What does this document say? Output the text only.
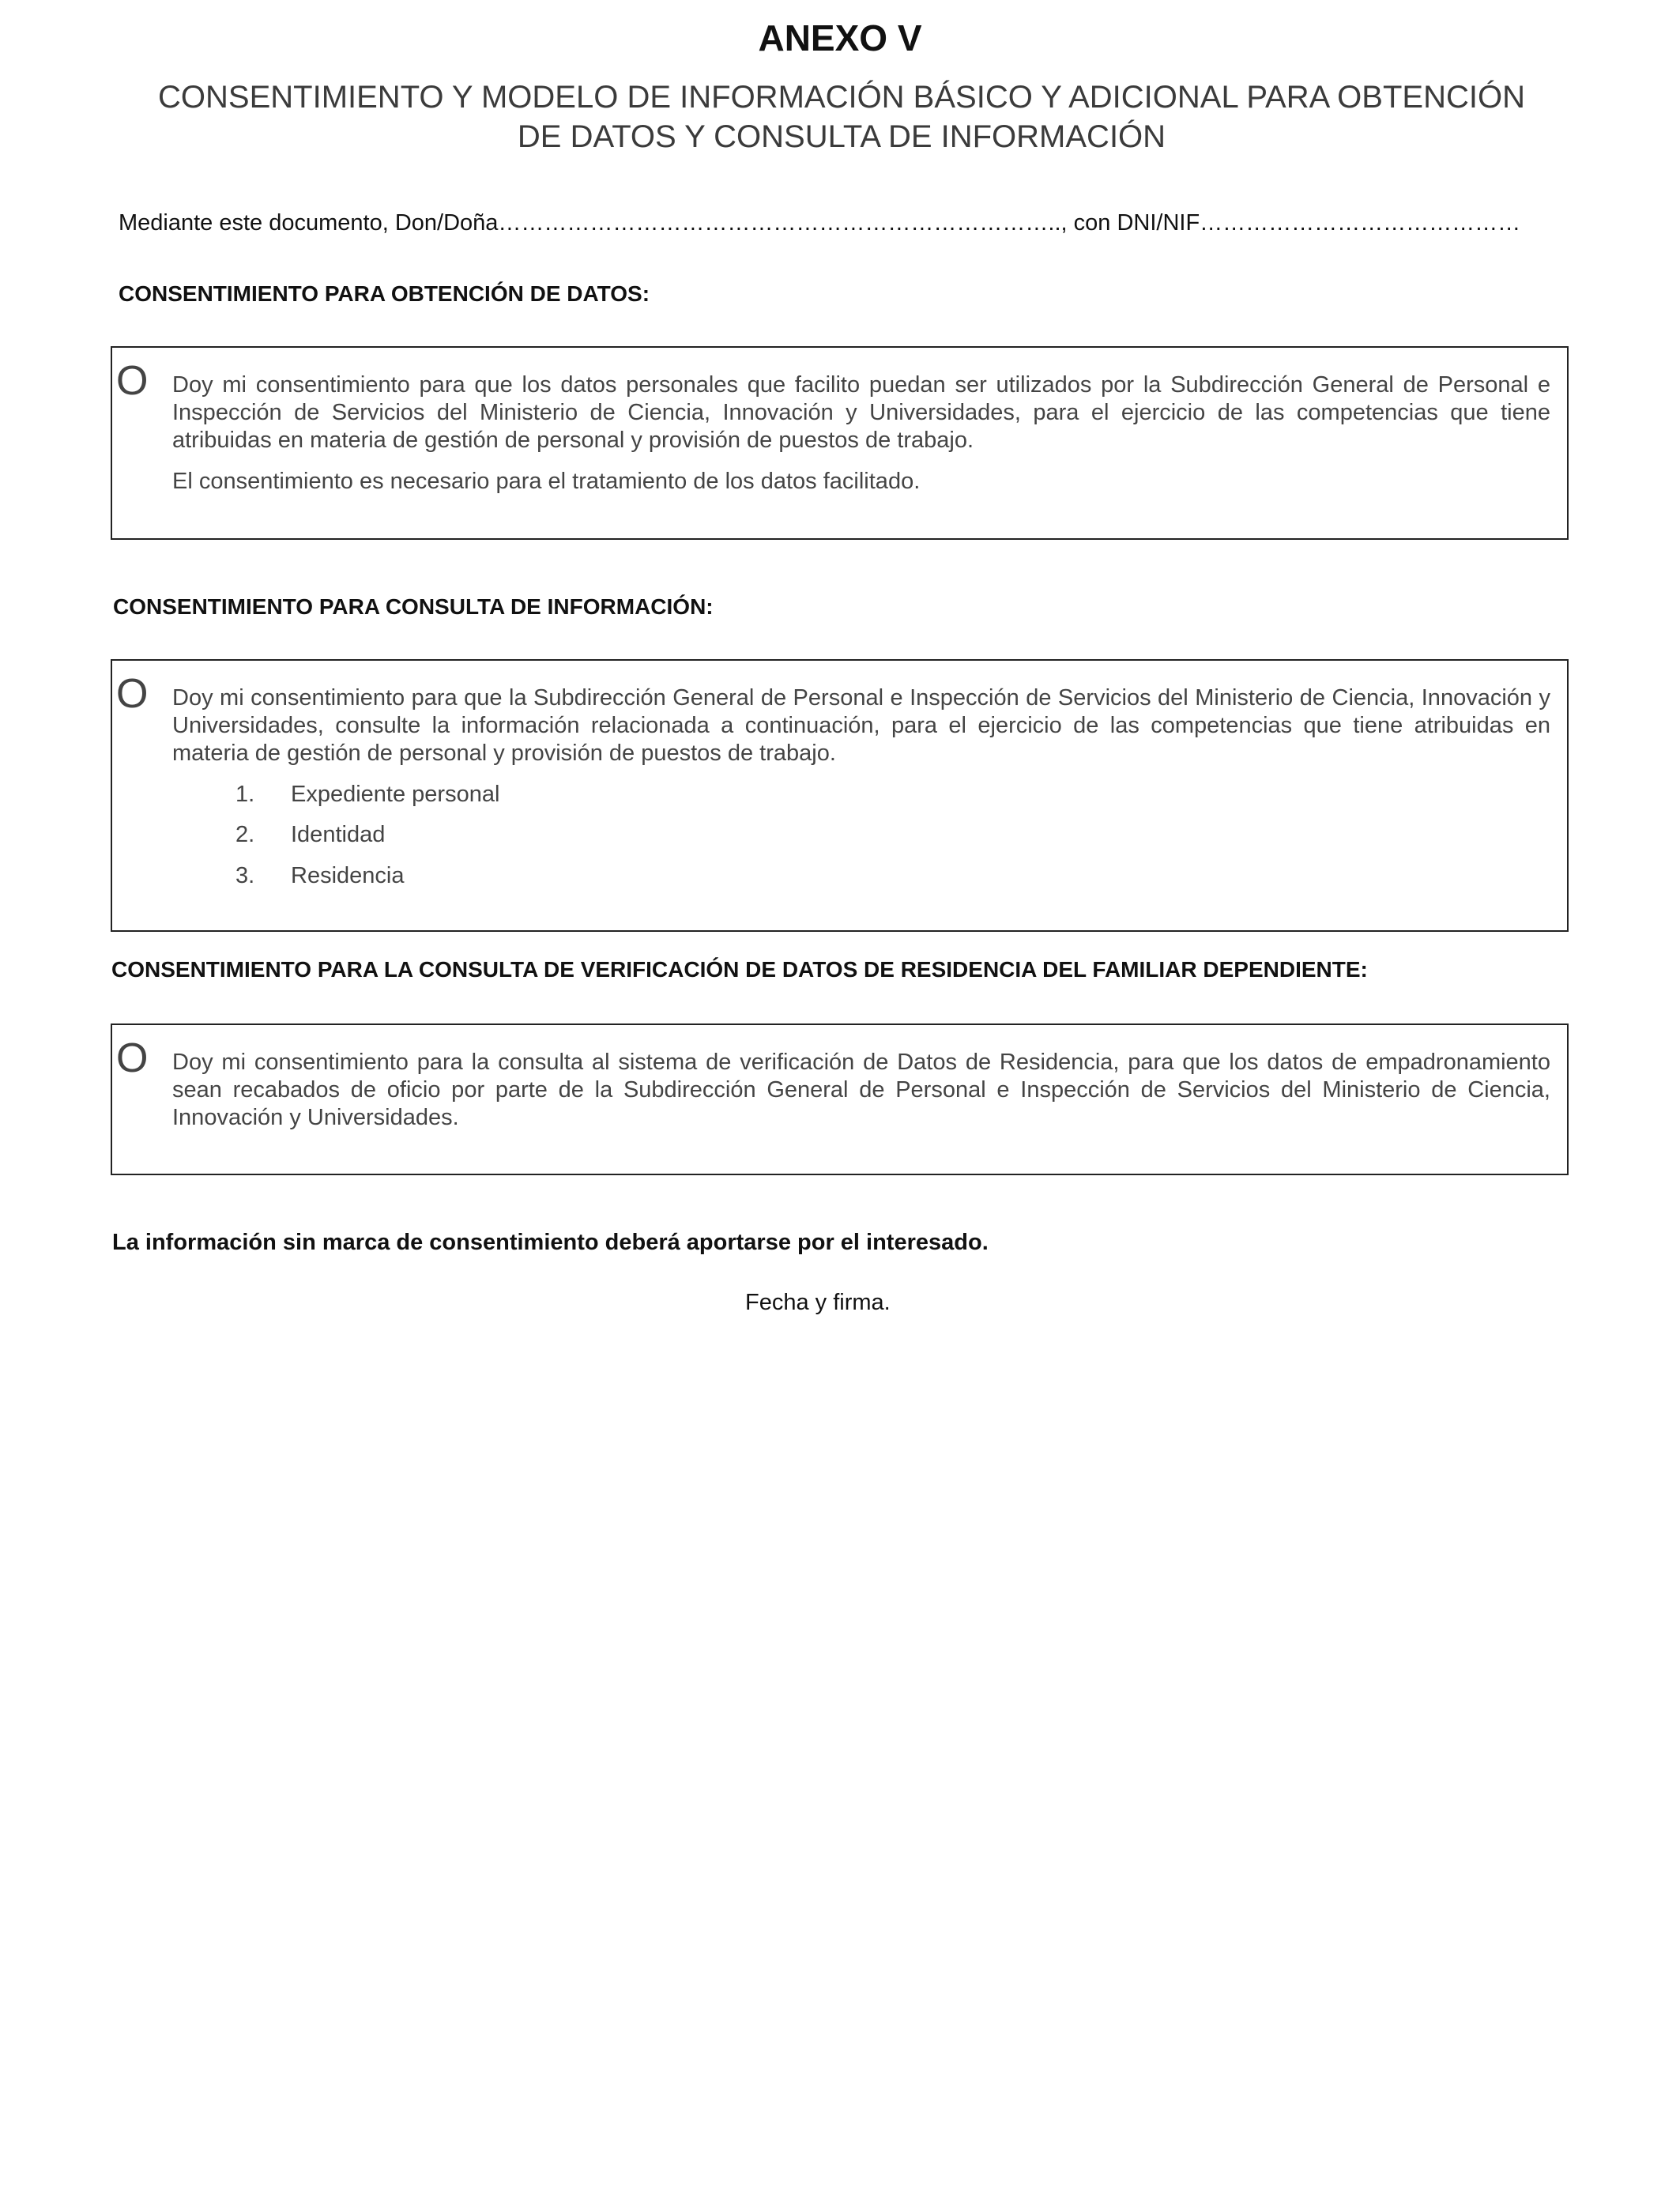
ANEXO V
CONSENTIMIENTO Y MODELO DE INFORMACIÓN BÁSICO Y ADICIONAL PARA OBTENCIÓN
DE DATOS Y CONSULTA DE INFORMACIÓN
Mediante este documento, Don/Doña……………………………………………………………….., con DNI/NIF……………………………………
CONSENTIMIENTO PARA OBTENCIÓN DE DATOS:
O Doy mi consentimiento para que los datos personales que facilito puedan ser utilizados por la Subdirección General de Personal e Inspección de Servicios del Ministerio de Ciencia, Innovación y Universidades, para el ejercicio de las competencias que tiene atribuidas en materia de gestión de personal y provisión de puestos de trabajo.
El consentimiento es necesario para el tratamiento de los datos facilitado.
CONSENTIMIENTO PARA CONSULTA DE INFORMACIÓN:
O Doy mi consentimiento para que la Subdirección General de Personal e Inspección de Servicios del Ministerio de Ciencia, Innovación y Universidades, consulte la información relacionada a continuación, para el ejercicio de las competencias que tiene atribuidas en materia de gestión de personal y provisión de puestos de trabajo.
1. Expediente personal
2. Identidad
3. Residencia
CONSENTIMIENTO PARA LA CONSULTA DE VERIFICACIÓN DE DATOS DE RESIDENCIA DEL FAMILIAR DEPENDIENTE:
O Doy mi consentimiento para la consulta al sistema de verificación de Datos de Residencia, para que los datos de empadronamiento sean recabados de oficio por parte de la Subdirección General de Personal e Inspección de Servicios del Ministerio de Ciencia, Innovación y Universidades.
La información sin marca de consentimiento deberá aportarse por el interesado.
Fecha y firma.
